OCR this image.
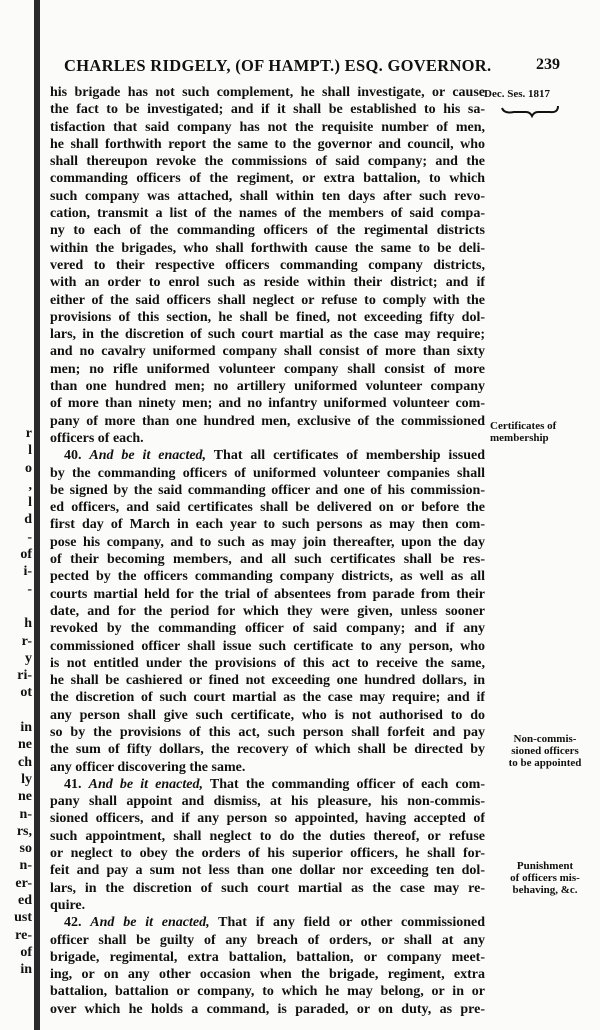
r
l
o
,
l
d
-
of
i-
-
h
r-
y
ri-
ot
in
ne
ch
ly
ne
n-
rs,
so
n-
er-
ed
ust
re-
of
in
CHARLES RIDGELY, (OF HAMPT.) ESQ. GOVERNOR.	239
Dec. Ses. 1817
Certificates of
membership
Non-commis-
sioned officers
to be appointed
Punishment
of officers mis-
behaving, &c.
his brigade has not such complement, he shall investigate, or cause
the fact to be investigated; and if it shall be established to his sa-
tisfaction that said company has not the requisite number of men,
he shall forthwith report the same to the governor and council, who
shall thereupon revoke the commissions of said company; and the
commanding officers of the regiment, or extra battalion, to which
such company was attached, shall within ten days after such revo-
cation, transmit a list of the names of the members of said compa-
ny to each of the commanding officers of the regimental districts
within the brigades, who shall forthwith cause the same to be deli-
vered to their respective officers commanding company districts,
with an order to enrol such as reside within their district; and if
either of the said officers shall neglect or refuse to comply with the
provisions of this section, he shall be fined, not exceeding fifty dol-
lars, in the discretion of such court martial as the case may require;
and no cavalry uniformed company shall consist of more than sixty
men; no rifle uniformed volunteer company shall consist of more
than one hundred men; no artillery uniformed volunteer company
of more than ninety men; and no infantry uniformed volunteer com-
pany of more than one hundred men, exclusive of the commissioned
officers of each.
40. And be it enacted, That all certificates of membership issued
by the commanding officers of uniformed volunteer companies shall
be signed by the said commanding officer and one of his commission-
ed officers, and said certificates shall be delivered on or before the
first day of March in each year to such persons as may then com-
pose his company, and to such as may join thereafter, upon the day
of their becoming members, and all such certificates shall be res-
pected by the officers commanding company districts, as well as all
courts martial held for the trial of absentees from parade from their
date, and for the period for which they were given, unless sooner
revoked by the commanding officer of said company; and if any
commissioned officer shall issue such certificate to any person, who
is not entitled under the provisions of this act to receive the same,
he shall be cashiered or fined not exceeding one hundred dollars, in
the discretion of such court martial as the case may require; and if
any person shall give such certificate, who is not authorised to do
so by the provisions of this act, such person shall forfeit and pay
the sum of fifty dollars, the recovery of which shall be directed by
any officer discovering the same.
41. And be it enacted, That the commanding officer of each com-
pany shall appoint and dismiss, at his pleasure, his non-commis-
sioned officers, and if any person so appointed, having accepted of
such appointment, shall neglect to do the duties thereof, or refuse
or neglect to obey the orders of his superior officers, he shall for-
feit and pay a sum not less than one dollar nor exceeding ten dol-
lars, in the discretion of such court martial as the case may re-
quire.
42. And be it enacted, That if any field or other commissioned
officer shall be guilty of any breach of orders, or shall at any
brigade, regimental, extra battalion, battalion, or company meet-
ing, or on any other occasion when the brigade, regiment, extra
battalion, battalion or company, to which he may belong, or in or
over which he holds a command, is paraded, or on duty, as pre-
